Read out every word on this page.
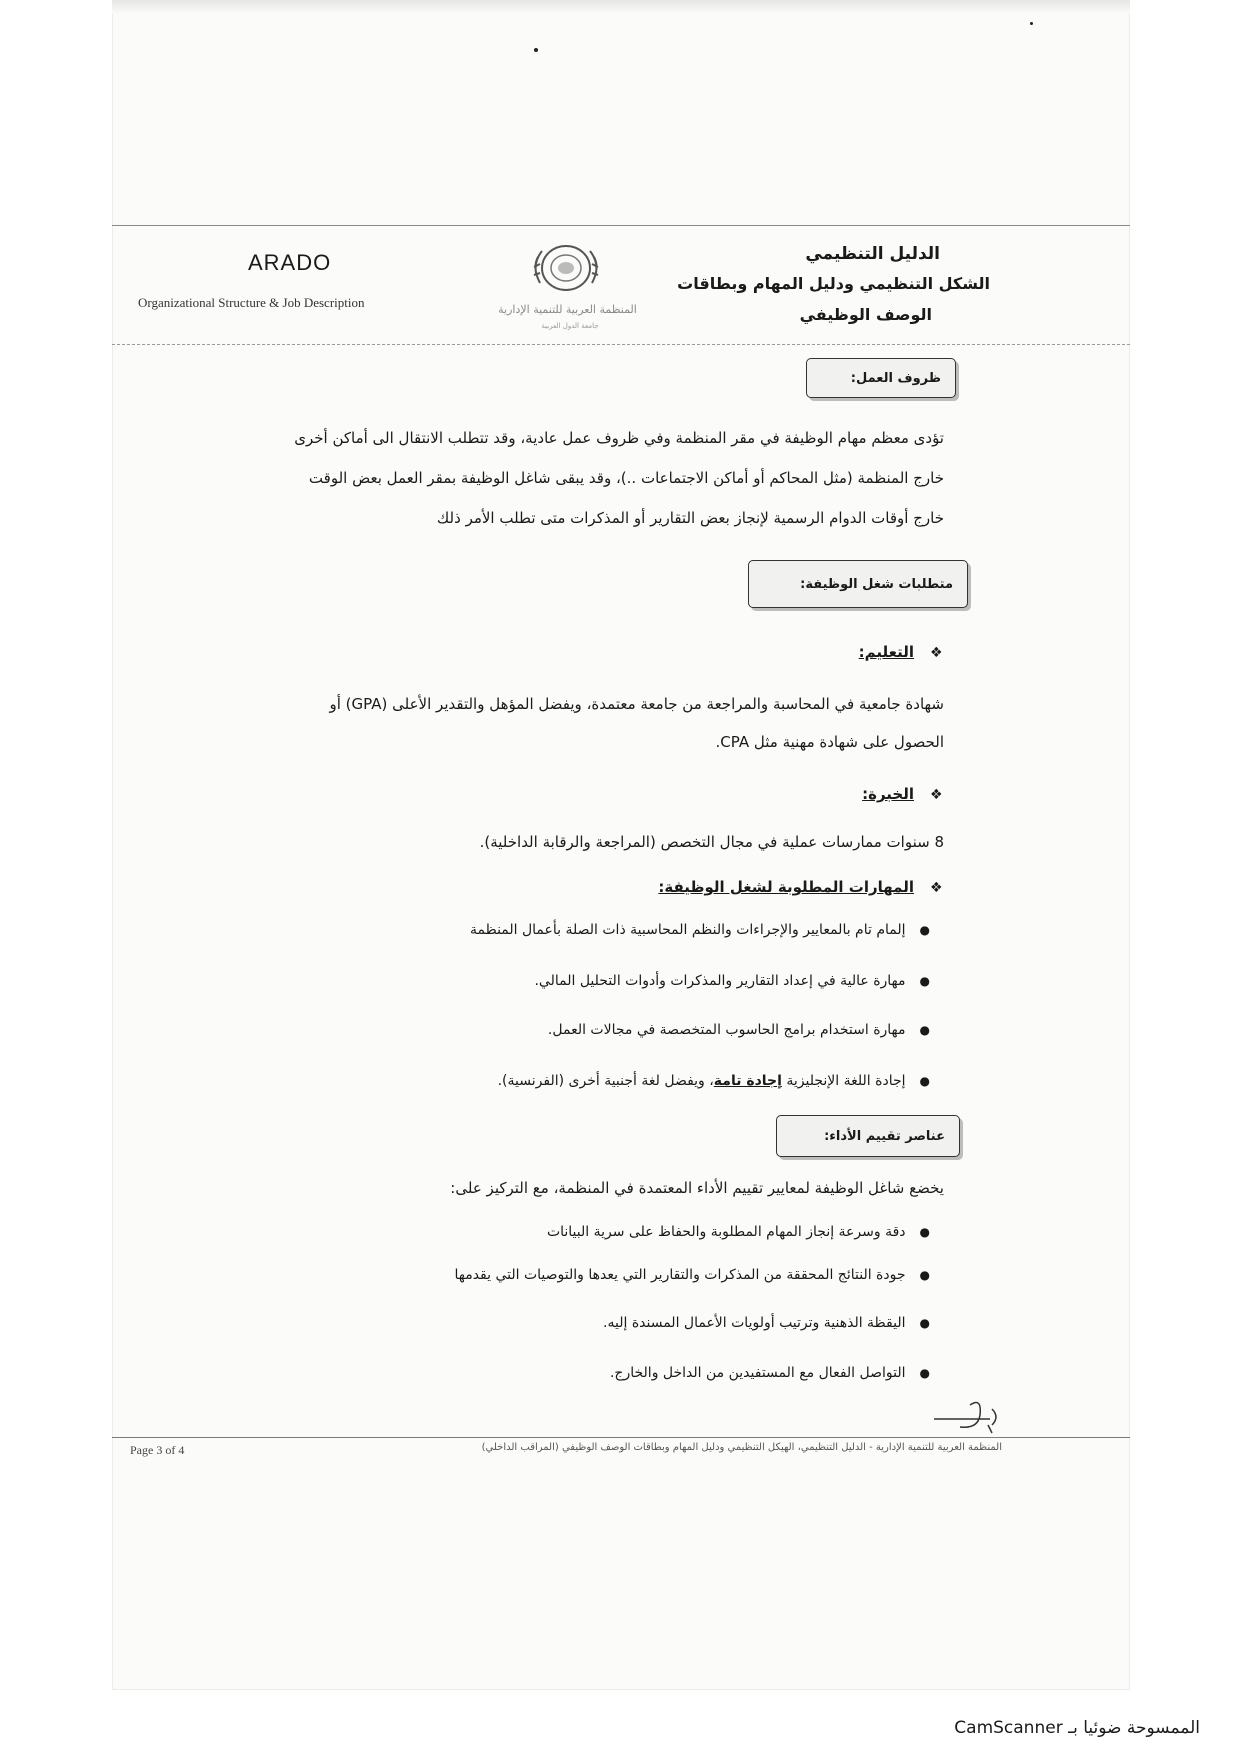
ARADO
Organizational Structure & Job Description	المنظمة العربية للتنمية الإدارية
جامعة الدول العربية
الدليل التنظيمي
الشكل التنظيمي ودليل المهام وبطاقات
الوصف الوظيفي
ظروف العمل:
تؤدى معظم مهام الوظيفة في مقر المنظمة وفي ظروف عمل عادية، وقد تتطلب الانتقال الى أماكن أخرى
خارج المنظمة (مثل المحاكم أو أماكن الاجتماعات ..)، وقد يبقى شاغل الوظيفة بمقر العمل بعض الوقت
خارج أوقات الدوام الرسمية لإنجاز بعض التقارير أو المذكرات متى تطلب الأمر ذلك
متطلبات شغل الوظيفة:
❖
التعليم:
شهادة جامعية في المحاسبة والمراجعة من جامعة معتمدة، ويفضل المؤهل والتقدير الأعلى (GPA) أو
الحصول على شهادة مهنية مثل CPA.
❖
الخبرة:
8 سنوات ممارسات عملية في مجال التخصص (المراجعة والرقابة الداخلية).
❖
المهارات المطلوبة لشغل الوظيفة:
●
إلمام تام بالمعايير والإجراءات والنظم المحاسبية ذات الصلة بأعمال المنظمة
●
مهارة عالية في إعداد التقارير والمذكرات وأدوات التحليل المالي.
●
مهارة استخدام برامج الحاسوب المتخصصة في مجالات العمل.
●
إجادة اللغة الإنجليزية إجادة تامة، ويفضل لغة أجنبية أخرى (الفرنسية).
عناصر تقييم الأداء:
يخضع شاغل الوظيفة لمعايير تقييم الأداء المعتمدة في المنظمة، مع التركيز على:
●
دقة وسرعة إنجاز المهام المطلوبة والحفاظ على سرية البيانات
●
جودة النتائج المحققة من المذكرات والتقارير التي يعدها والتوصيات التي يقدمها
●
اليقظة الذهنية وترتيب أولويات الأعمال المسندة إليه.
●
التواصل الفعال مع المستفيدين من الداخل والخارج.
Page 3 of 4	المنظمة العربية للتنمية الإدارية - الدليل التنظيمي، الهيكل التنظيمي ودليل المهام وبطاقات الوصف الوظيفي (المراقب الداخلي)
الممسوحة ضوئيا بـ CamScanner
